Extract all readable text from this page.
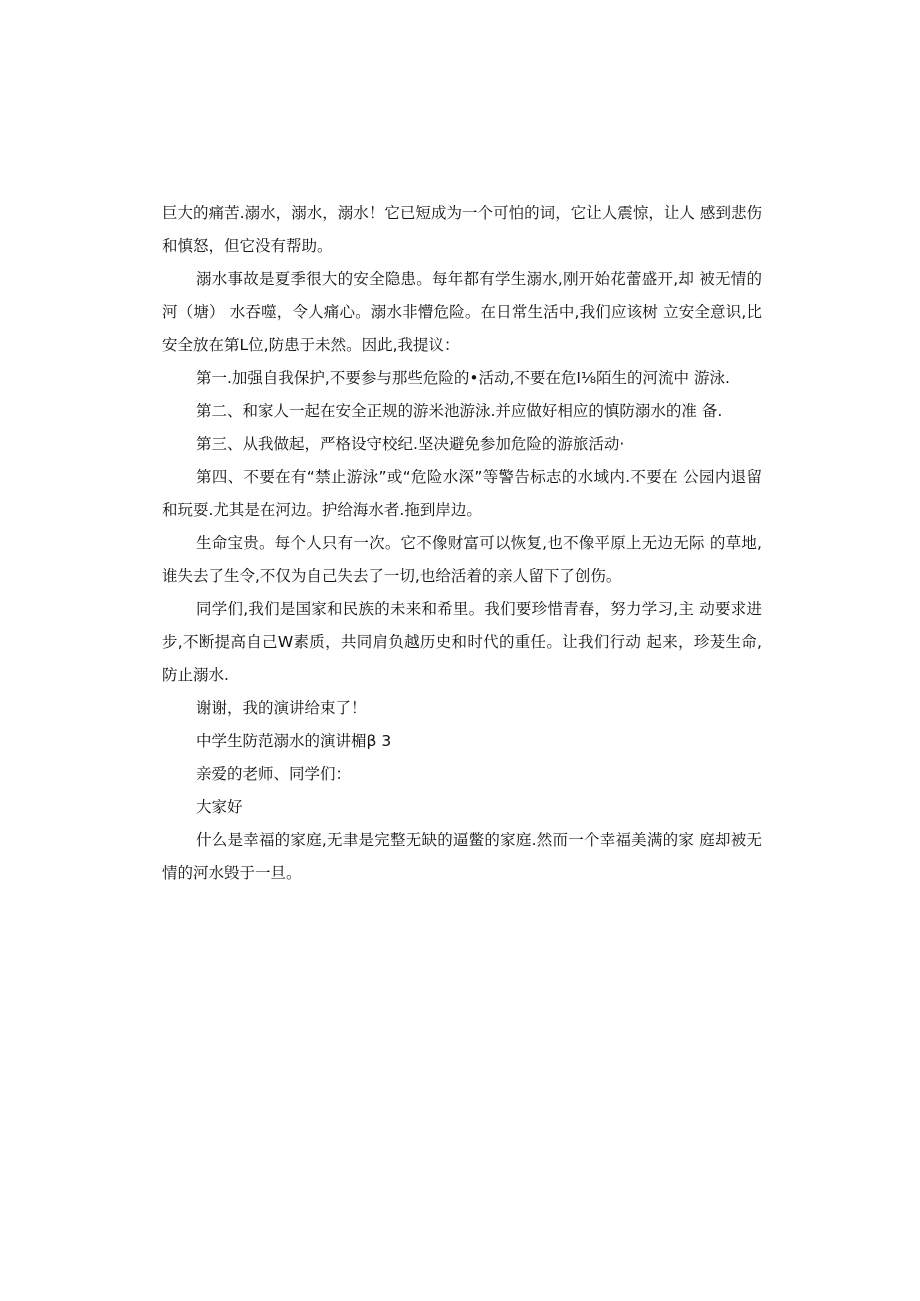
巨大的痛苦.溺水，溺水，溺水！它已短成为一个可怕的词，它让人震惊，让人 感到悲伤和慎怒，但它没有帮助。

溺水事故是夏季很大的安全隐患。每年都有学生溺水,刚开始花蕾盛开,却 被无情的河（塘） 水吞噬，令人痛心。溺水非懵危险。在日常生活中,我们应该树 立安全意识,比安全放在第L位,防患于未然。因此,我提议：

第一.加强自我保护,不要参与那些危险的•活动,不要在危I⅛陌生的河流中 游泳.

第二、和家人一起在安全正规的游米池游泳.并应做好相应的慎防溺水的准 备.

第三、从我做起，严格设守校纪.坚决避免参加危险的游旅活动·

第四、不要在有“禁止游泳”或“危险水深”等警告标志的水域内.不要在 公园内退留和玩耍.尤其是在河边。护给海水者.拖到岸边。

生命宝贵。每个人只有一次。它不像财富可以恢复,也不像平原上无边无际 的草地,谁失去了生令,不仅为自己失去了一切,也给活着的亲人留下了创伤。

同学们,我们是国家和民族的未来和希里。我们要珍惜青春，努力学习,主 动要求进步,不断提高自己W素质，共同肩负越历史和时代的重任。让我们行动 起来，珍茇生命,防止溺水.

谢谢，我的演讲给束了！

中学生防范溺水的演讲楣β 3

亲爱的老师、同学们：

大家好

什么是幸福的家庭,无聿是完整无缺的逼鳖的家庭.然而一个幸福美满的家 庭却被无情的河水毁于一旦。
